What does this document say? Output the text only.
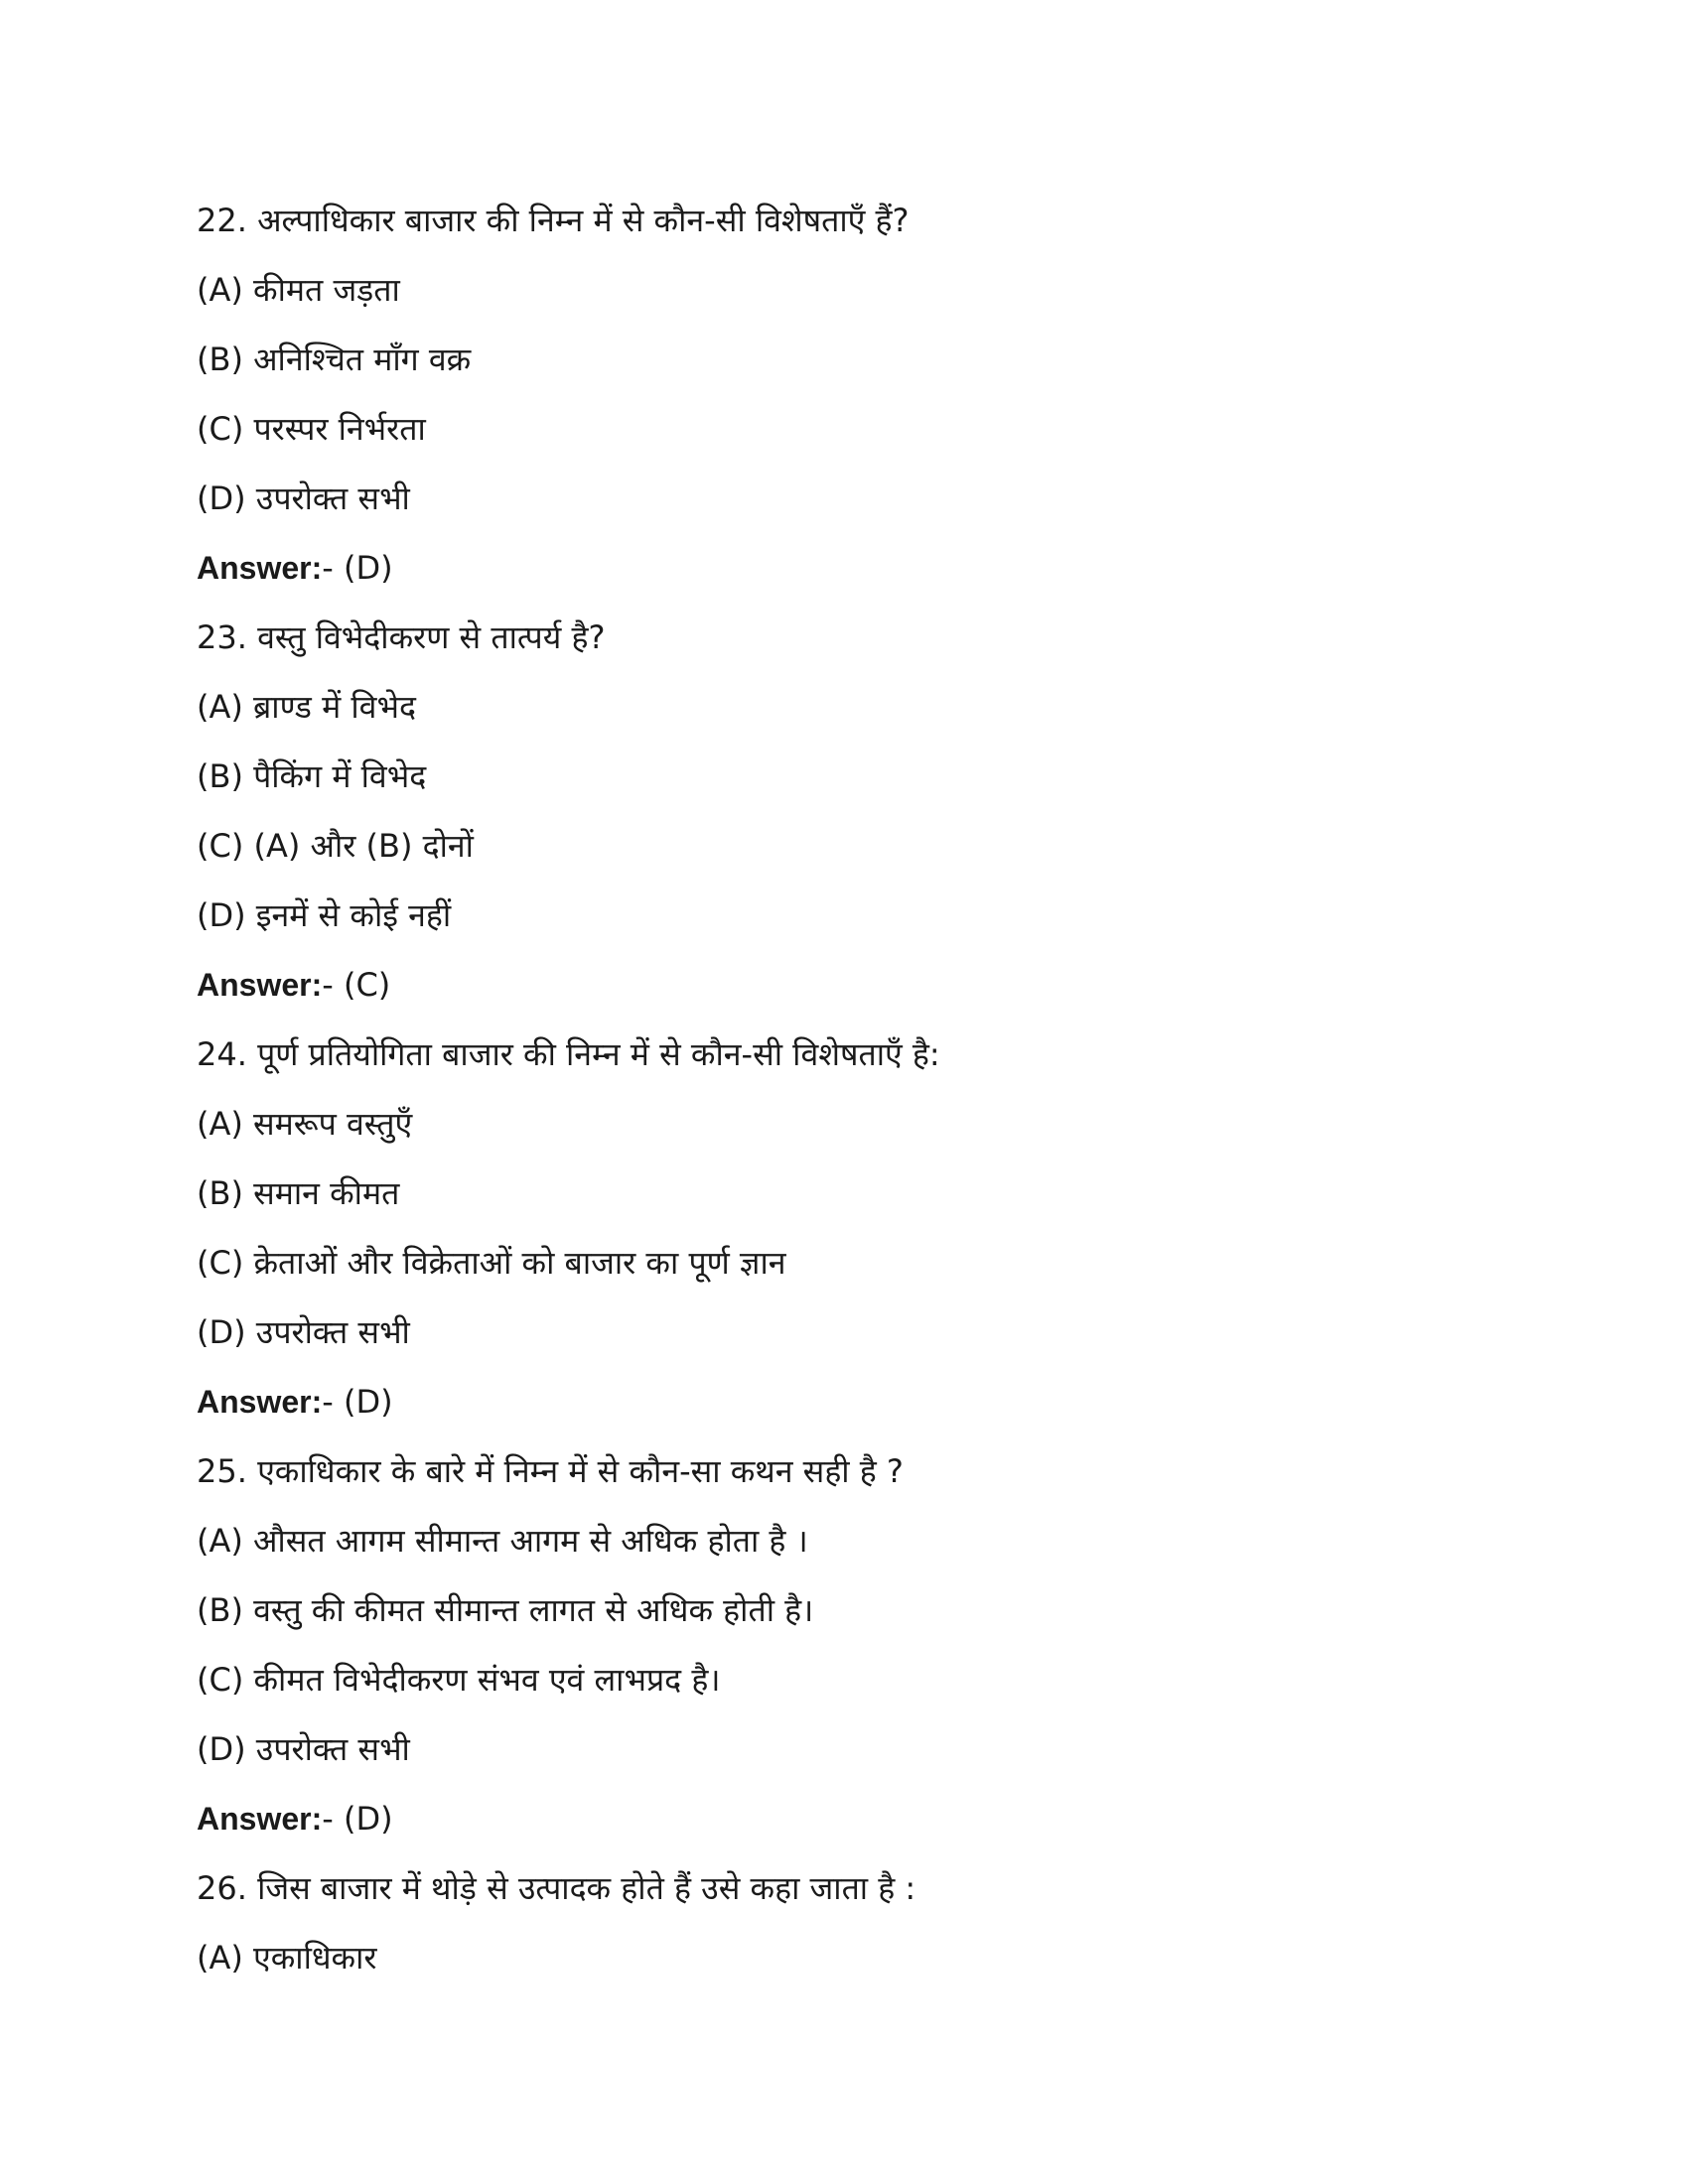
22. अल्पाधिकार बाजार की निम्न में से कौन-सी विशेषताएँ हैं?
(A) कीमत जड़ता
(B) अनिश्चित माँग वक्र
(C) परस्पर निर्भरता
(D) उपरोक्त सभी
Answer:- (D)
23. वस्तु विभेदीकरण से तात्पर्य है?
(A) ब्राण्ड में विभेद
(B) पैकिंग में विभेद
(C) (A) और (B) दोनों
(D) इनमें से कोई नहीं
Answer:- (C)
24. पूर्ण प्रतियोगिता बाजार की निम्न में से कौन-सी विशेषताएँ है:
(A) समरूप वस्तुएँ
(B) समान कीमत
(C) क्रेताओं और विक्रेताओं को बाजार का पूर्ण ज्ञान
(D) उपरोक्त सभी
Answer:- (D)
25. एकाधिकार के बारे में निम्न में से कौन-सा कथन सही है ?
(A) औसत आगम सीमान्त आगम से अधिक होता है ।
(B) वस्तु की कीमत सीमान्त लागत से अधिक होती है।
(C) कीमत विभेदीकरण संभव एवं लाभप्रद है।
(D) उपरोक्त सभी
Answer:- (D)
26. जिस बाजार में थोड़े से उत्पादक होते हैं उसे कहा जाता है :
(A) एकाधिकार
